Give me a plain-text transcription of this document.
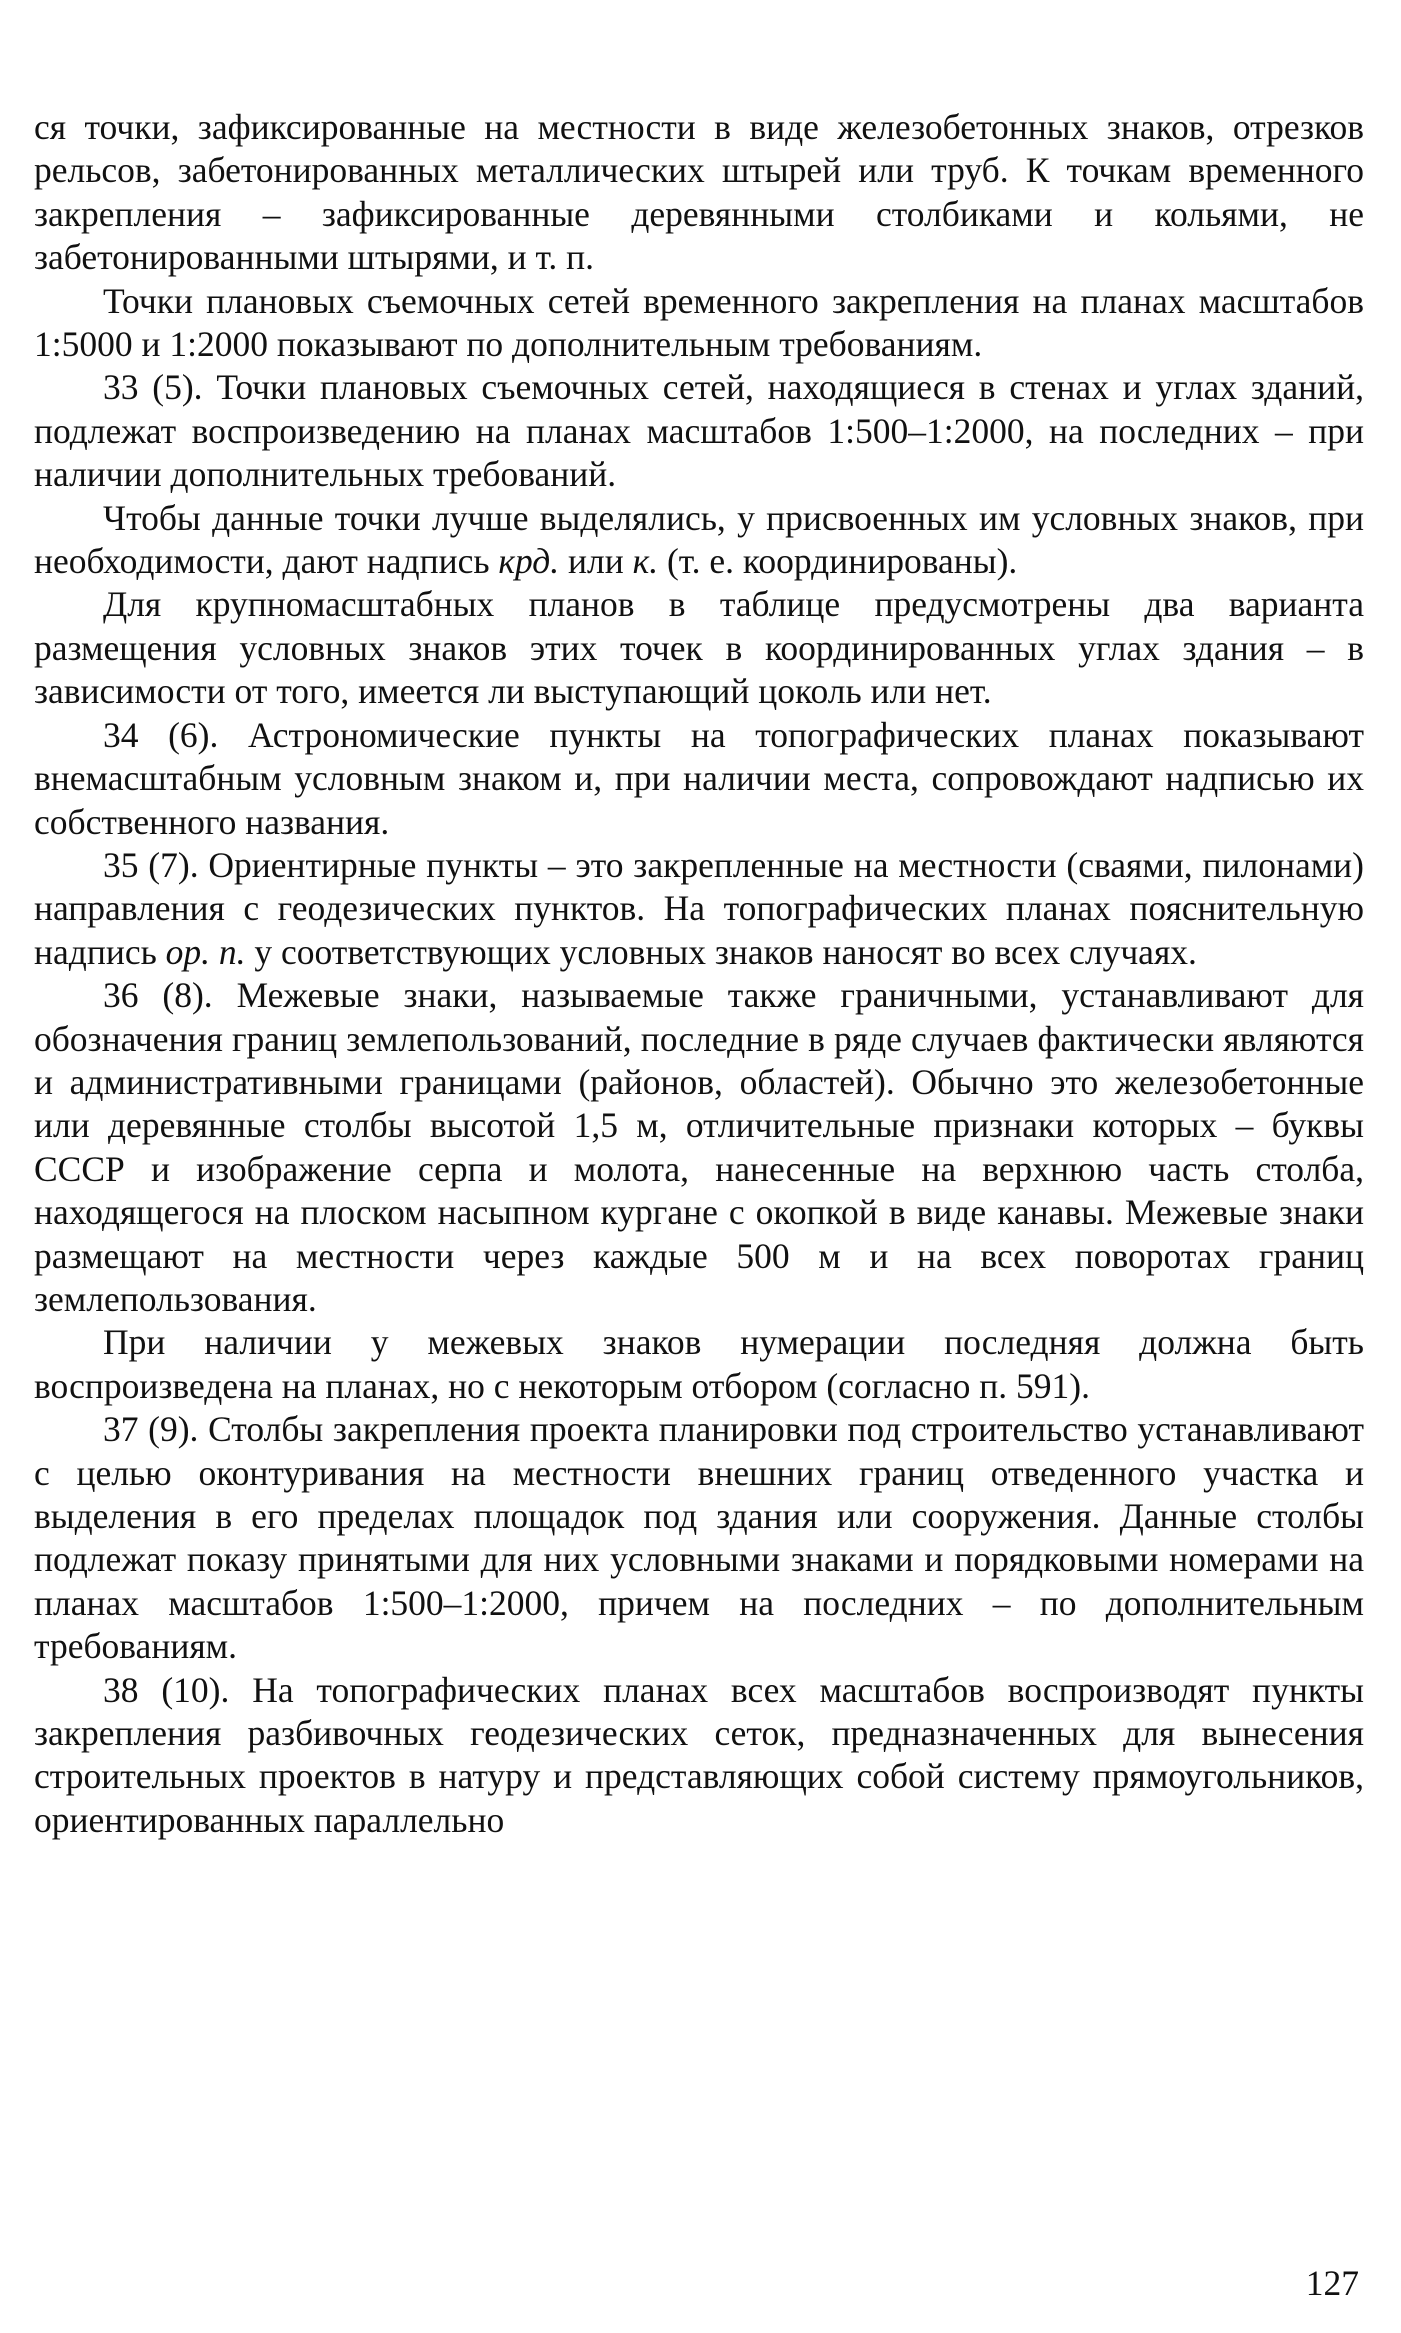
ся точки, зафиксированные на местности в виде железобетонных знаков, отрезков рельсов, забетонированных металлических штырей или труб. К точкам временного закрепления – зафиксированные деревянными столбиками и кольями, не забетонированными штырями, и т. п.

Точки плановых съемочных сетей временного закрепления на планах масштабов 1:5000 и 1:2000 показывают по дополнительным требованиям.

33 (5). Точки плановых съемочных сетей, находящиеся в стенах и углах зданий, подлежат воспроизведению на планах масштабов 1:500–1:2000, на последних – при наличии дополнительных требований.

Чтобы данные точки лучше выделялись, у присвоенных им условных знаков, при необходимости, дают надпись крд. или к. (т. е. координированы).

Для крупномасштабных планов в таблице предусмотрены два варианта размещения условных знаков этих точек в координированных углах здания – в зависимости от того, имеется ли выступающий цоколь или нет.

34 (6). Астрономические пункты на топографических планах показывают внемасштабным условным знаком и, при наличии места, сопровождают надписью их собственного названия.

35 (7). Ориентирные пункты – это закрепленные на местности (сваями, пилонами) направления с геодезических пунктов. На топографических планах пояснительную надпись ор. п. у соответствующих условных знаков наносят во всех случаях.

36 (8). Межевые знаки, называемые также граничными, устанавливают для обозначения границ землепользований, последние в ряде случаев фактически являются и административными границами (районов, областей). Обычно это железобетонные или деревянные столбы высотой 1,5 м, отличительные признаки которых – буквы СССР и изображение серпа и молота, нанесенные на верхнюю часть столба, находящегося на плоском насыпном кургане с окопкой в виде канавы. Межевые знаки размещают на местности через каждые 500 м и на всех поворотах границ землепользования.

При наличии у межевых знаков нумерации последняя должна быть воспроизведена на планах, но с некоторым отбором (согласно п. 591).

37 (9). Столбы закрепления проекта планировки под строительство устанавливают с целью оконтуривания на местности внешних границ отведенного участка и выделения в его пределах площадок под здания или сооружения. Данные столбы подлежат показу принятыми для них условными знаками и порядковыми номерами на планах масштабов 1:500–1:2000, причем на последних – по дополнительным требованиям.

38 (10). На топографических планах всех масштабов воспроизводят пункты закрепления разбивочных геодезических сеток, предназначенных для вынесения строительных проектов в натуру и представляющих собой систему прямоугольников, ориентированных параллельно

127
